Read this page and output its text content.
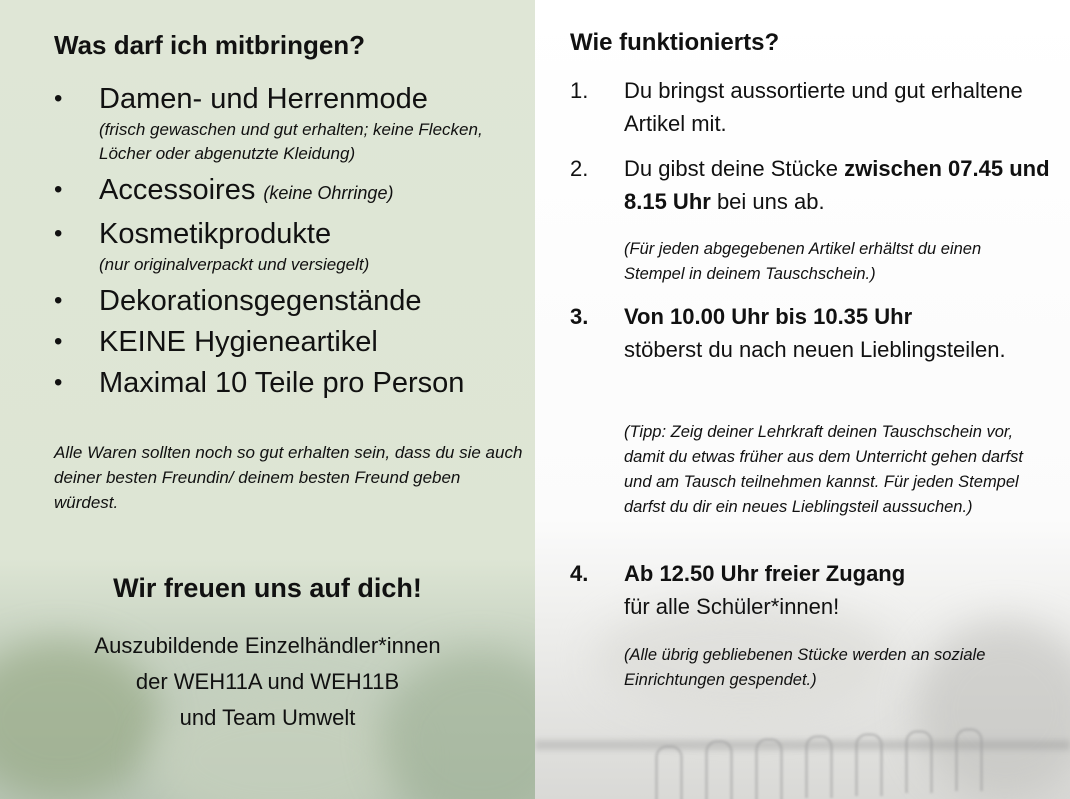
Was darf ich mitbringen?
• Damen- und Herrenmode
(frisch gewaschen und gut erhalten; keine Flecken, Löcher oder abgenutzte Kleidung)
• Accessoires (keine Ohrringe)
• Kosmetikprodukte
(nur originalverpackt und versiegelt)
• Dekorationsgegenstände
• KEINE Hygieneartikel
• Maximal 10 Teile pro Person

Alle Waren sollten noch so gut erhalten sein, dass du sie auch deiner besten Freundin/ deinem besten Freund geben würdest.

Wir freuen uns auf dich!
Auszubildende Einzelhändler*innen
der WEH11A und WEH11B
und Team Umwelt
Wie funktionierts?
1.	Du bringst aussortierte und gut erhaltene Artikel mit.
2.	Du gibst deine Stücke zwischen 07.45 und 8.15 Uhr bei uns ab.
(Für jeden abgegebenen Artikel erhältst du einen Stempel in deinem Tauschschein.)
3.	Von 10.00 Uhr bis 10.35 Uhr
stöberst du nach neuen Lieblingsteilen.
(Tipp: Zeig deiner Lehrkraft deinen Tauschschein vor, damit du etwas früher aus dem Unterricht gehen darfst und am Tausch teilnehmen kannst. Für jeden Stempel darfst du dir ein neues Lieblingsteil aussuchen.)
4.	Ab 12.50 Uhr freier Zugang
für alle Schüler*innen!
(Alle übrig gebliebenen Stücke werden an soziale Einrichtungen gespendet.)
